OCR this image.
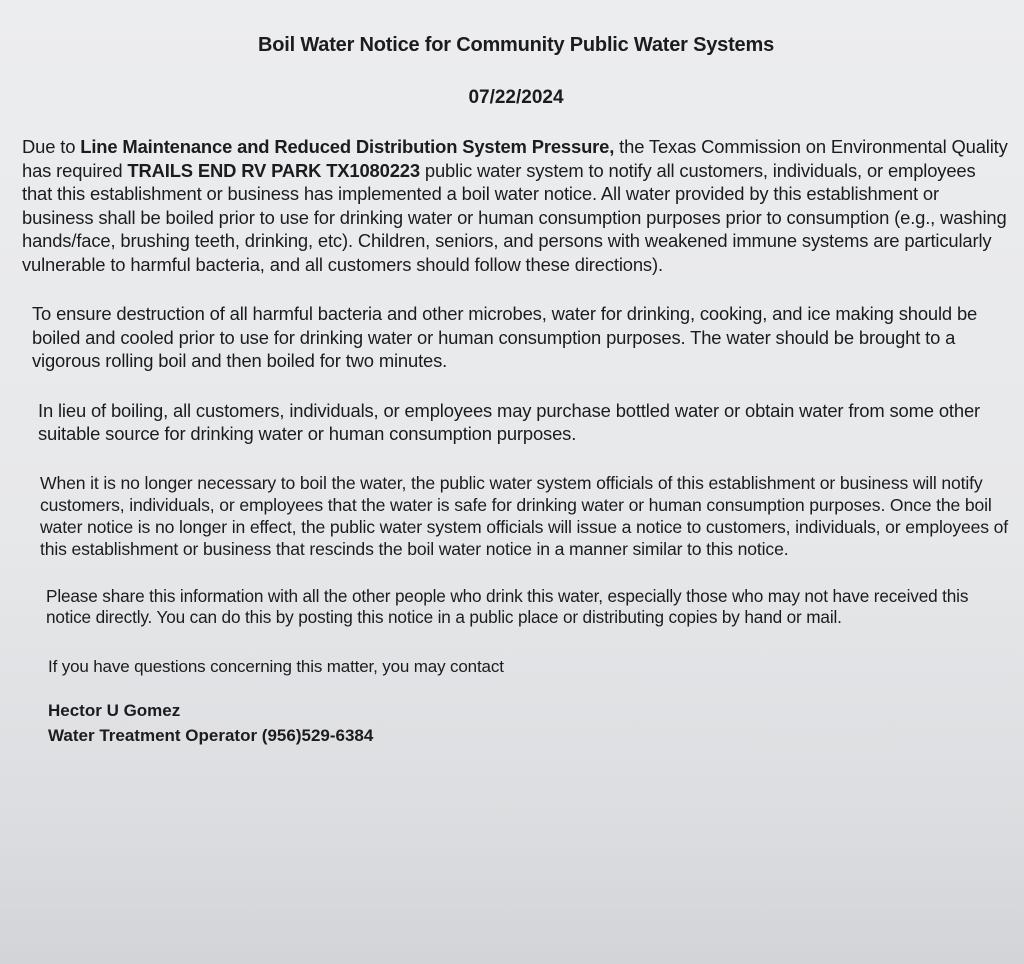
Boil Water Notice for Community Public Water Systems
07/22/2024

Due to Line Maintenance and Reduced Distribution System Pressure, the Texas Commission on Environmental Quality has required TRAILS END RV PARK TX1080223 public water system to notify all customers, individuals, or employees that this establishment or business has implemented a boil water notice. All water provided by this establishment or business shall be boiled prior to use for drinking water or human consumption purposes prior to consumption (e.g., washing hands/face, brushing teeth, drinking, etc). Children, seniors, and persons with weakened immune systems are particularly vulnerable to harmful bacteria, and all customers should follow these directions).

To ensure destruction of all harmful bacteria and other microbes, water for drinking, cooking, and ice making should be boiled and cooled prior to use for drinking water or human consumption purposes. The water should be brought to a vigorous rolling boil and then boiled for two minutes.

In lieu of boiling, all customers, individuals, or employees may purchase bottled water or obtain water from some other suitable source for drinking water or human consumption purposes.

When it is no longer necessary to boil the water, the public water system officials of this establishment or business will notify customers, individuals, or employees that the water is safe for drinking water or human consumption purposes. Once the boil water notice is no longer in effect, the public water system officials will issue a notice to customers, individuals, or employees of this establishment or business that rescinds the boil water notice in a manner similar to this notice.

Please share this information with all the other people who drink this water, especially those who may not have received this notice directly. You can do this by posting this notice in a public place or distributing copies by hand or mail.

If you have questions concerning this matter, you may contact

Hector U Gomez
Water Treatment Operator (956)529-6384
